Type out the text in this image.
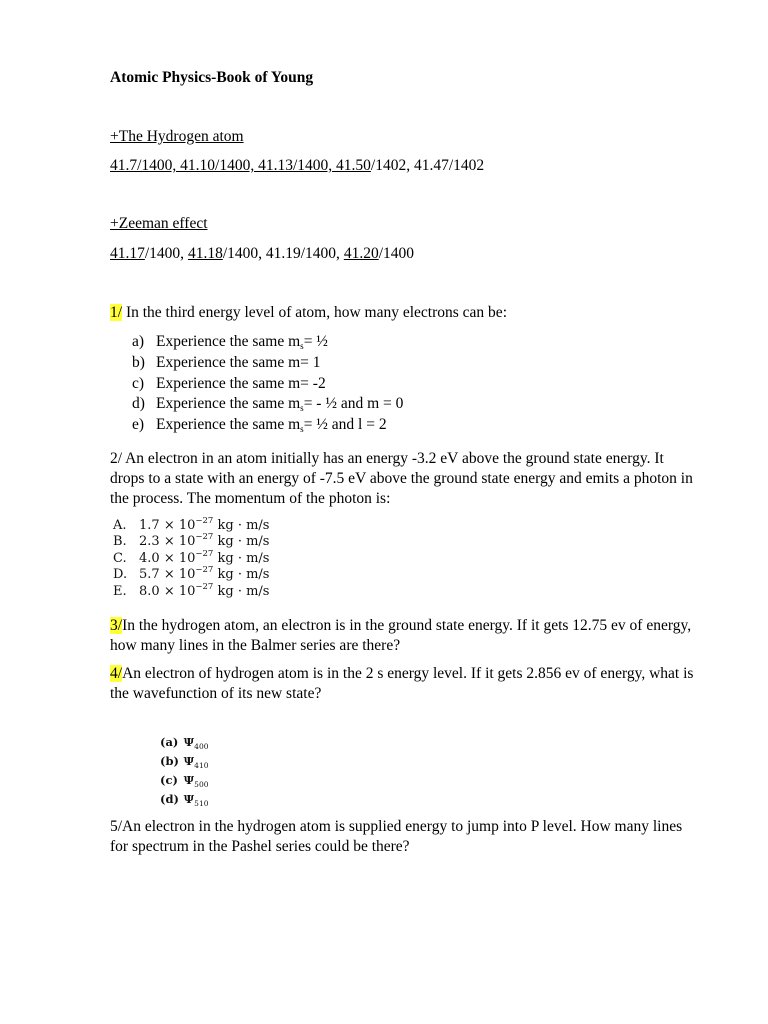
Atomic Physics-Book of Young

+The Hydrogen atom

41.7/1400, 41.10/1400, 41.13/1400, 41.50/1402, 41.47/1402

+Zeeman effect

41.17/1400, 41.18/1400, 41.19/1400, 41.20/1400

1/ In the third energy level of atom, how many electrons can be:

a) Experience the same ms= ½
b) Experience the same m= 1
c) Experience the same m= -2
d) Experience the same ms= - ½ and m = 0
e) Experience the same ms= ½ and l = 2

2/ An electron in an atom initially has an energy -3.2 eV above the ground state energy. It drops to a state with an energy of -7.5 eV above the ground state energy and emits a photon in the process. The momentum of the photon is:

A. $1.7 \times 10^{-27}$ kg · m/s
B. $2.3 \times 10^{-27}$ kg · m/s
C. $4.0 \times 10^{-27}$ kg · m/s
D. $5.7 \times 10^{-27}$ kg · m/s
E. $8.0 \times 10^{-27}$ kg · m/s

3/In the hydrogen atom, an electron is in the ground state energy. If it gets 12.75 ev of energy, how many lines in the Balmer series are there?

4/An electron of hydrogen atom is in the 2 s energy level. If it gets 2.856 ev of energy, what is the wavefunction of its new state?

(a) $\Psi_{400}$
(b) $\Psi_{410}$
(c) $\Psi_{500}$
(d) $\Psi_{510}$

5/An electron in the hydrogen atom is supplied energy to jump into P level. How many lines for spectrum in the Pashel series could be there?
